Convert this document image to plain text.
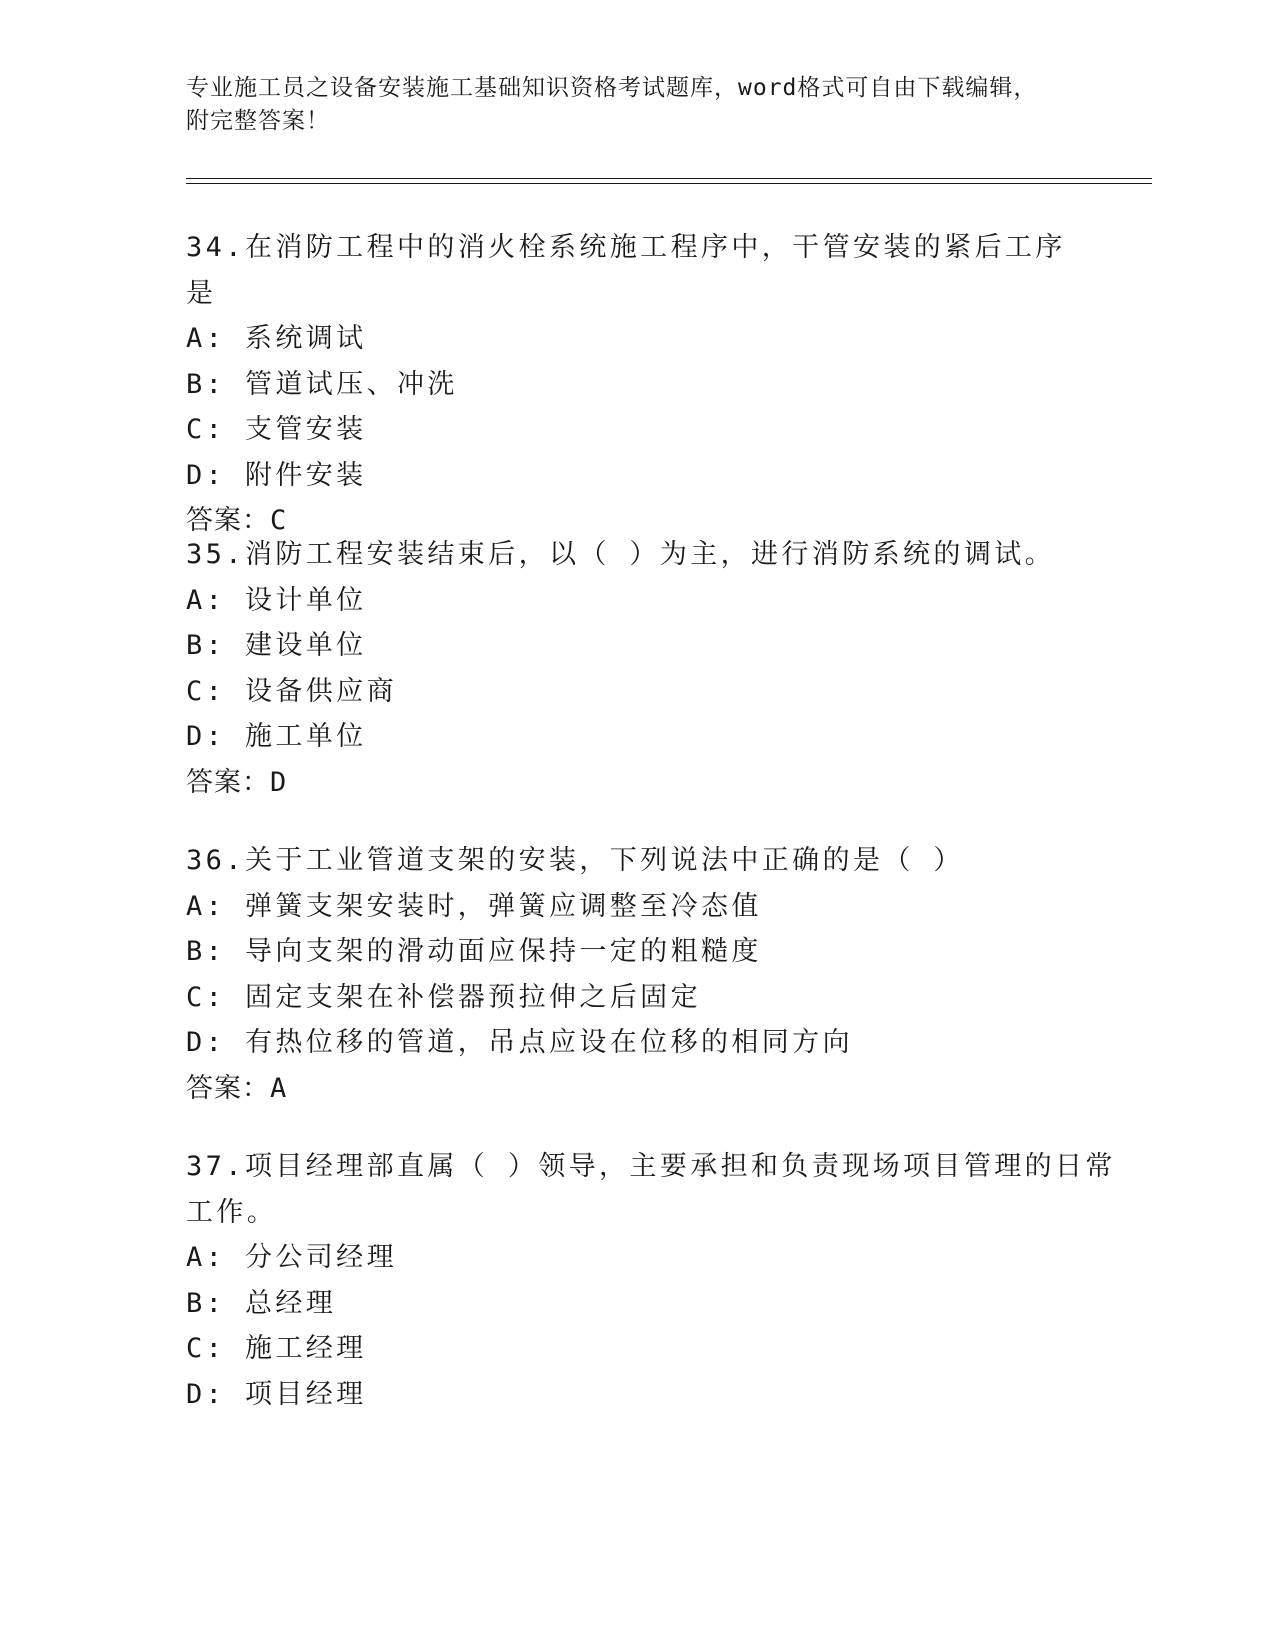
专业施工员之设备安装施工基础知识资格考试题库，word格式可自由下载编辑，
附完整答案！
34.在消防工程中的消火栓系统施工程序中，干管安装的紧后工序是
A: 系统调试
B: 管道试压、冲洗
C: 支管安装
D: 附件安装
答案：C
35.消防工程安装结束后，以（ ）为主，进行消防系统的调试。
A: 设计单位
B: 建设单位
C: 设备供应商
D: 施工单位
答案：D
36.关于工业管道支架的安装，下列说法中正确的是（ ）
A: 弹簧支架安装时，弹簧应调整至冷态值
B: 导向支架的滑动面应保持一定的粗糙度
C: 固定支架在补偿器预拉伸之后固定
D: 有热位移的管道，吊点应设在位移的相同方向
答案：A
37.项目经理部直属（ ）领导，主要承担和负责现场项目管理的日常
工作。
A: 分公司经理
B: 总经理
C: 施工经理
D: 项目经理
